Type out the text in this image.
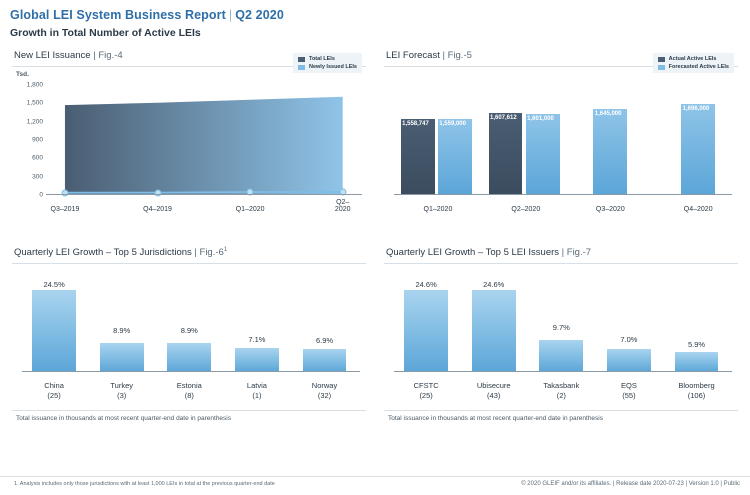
Global LEI System Business Report | Q2 2020
Growth in Total Number of Active LEIs
New LEI Issuance | Fig.-4
Tsd.
Total LEIs
Newly Issued LEIs
0
300
600
900
1,200
1,500
1,800
Q3–2019	Q4–2019	Q1–2020
Q2–2020
LEI Forecast | Fig.-5	Actual Active LEIs
Forecasted Active LEIs
1,558,747 1,559,000
1,607,612 1,601,000
1,645,000
1,696,000
Q1–2020	Q2–2020	Q3–2020	Q4–2020
Quarterly LEI Growth – Top 5 Jurisdictions | $Fig.-6^1$
24.5%
8.9%	8.9%
7.1%	6.9%
China
(25)
Turkey
(3)
Estonia
(8)
Latvia
(1)
Norway
(32)
Total issuance in thousands at most recent quarter-end date in parenthesis
Quarterly LEI Growth – Top 5 LEI Issuers | Fig.-7
24.6%	24.6%
9.7%
7.0%
5.9%
CFSTC
(25)
Ubisecure
(43)
Takasbank
(2)
EQS
(55)
Bloomberg
(106)
Total issuance in thousands at most recent quarter-end date in parenthesis
1. Analysis includes only those jurisdictions with at least 1,000 LEIs in total at the previous quarter-end date	© 2020 GLEIF and/or its affiliates. | Release date 2020-07-23 | Version 1.0 | Public
